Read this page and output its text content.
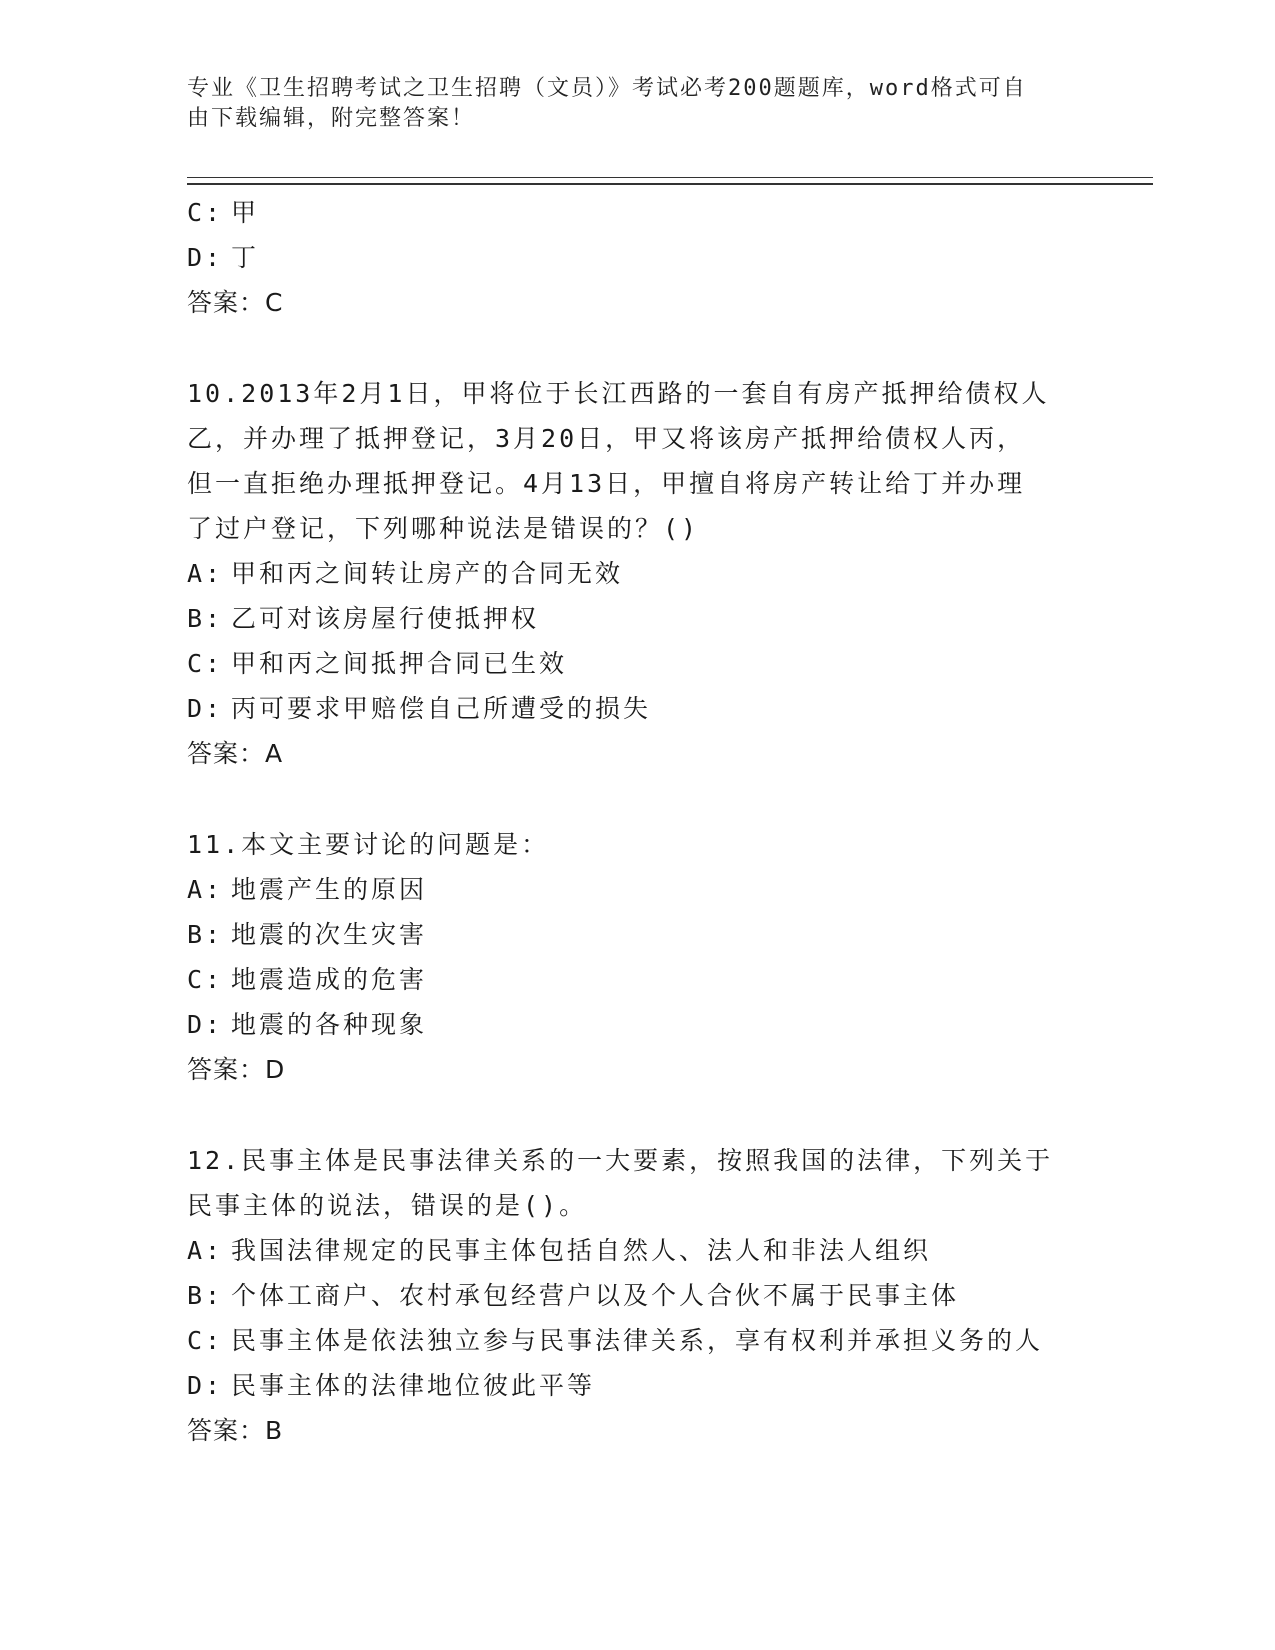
专业《卫生招聘考试之卫生招聘（文员）》考试必考200题题库，word格式可自
由下载编辑，附完整答案！
C: 甲
D: 丁
答案：C
10.2013年2月1日，甲将位于长江西路的一套自有房产抵押给债权人
乙，并办理了抵押登记，3月20日，甲又将该房产抵押给债权人丙，
但一直拒绝办理抵押登记。4月13日，甲擅自将房产转让给丁并办理
了过户登记，下列哪种说法是错误的？()
A: 甲和丙之间转让房产的合同无效
B: 乙可对该房屋行使抵押权
C: 甲和丙之间抵押合同已生效
D: 丙可要求甲赔偿自己所遭受的损失
答案：A
11.本文主要讨论的问题是：
A: 地震产生的原因
B: 地震的次生灾害
C: 地震造成的危害
D: 地震的各种现象
答案：D
12.民事主体是民事法律关系的一大要素，按照我国的法律，下列关于
民事主体的说法，错误的是()。
A: 我国法律规定的民事主体包括自然人、法人和非法人组织
B: 个体工商户、农村承包经营户以及个人合伙不属于民事主体
C: 民事主体是依法独立参与民事法律关系，享有权利并承担义务的人
D: 民事主体的法律地位彼此平等
答案：B
